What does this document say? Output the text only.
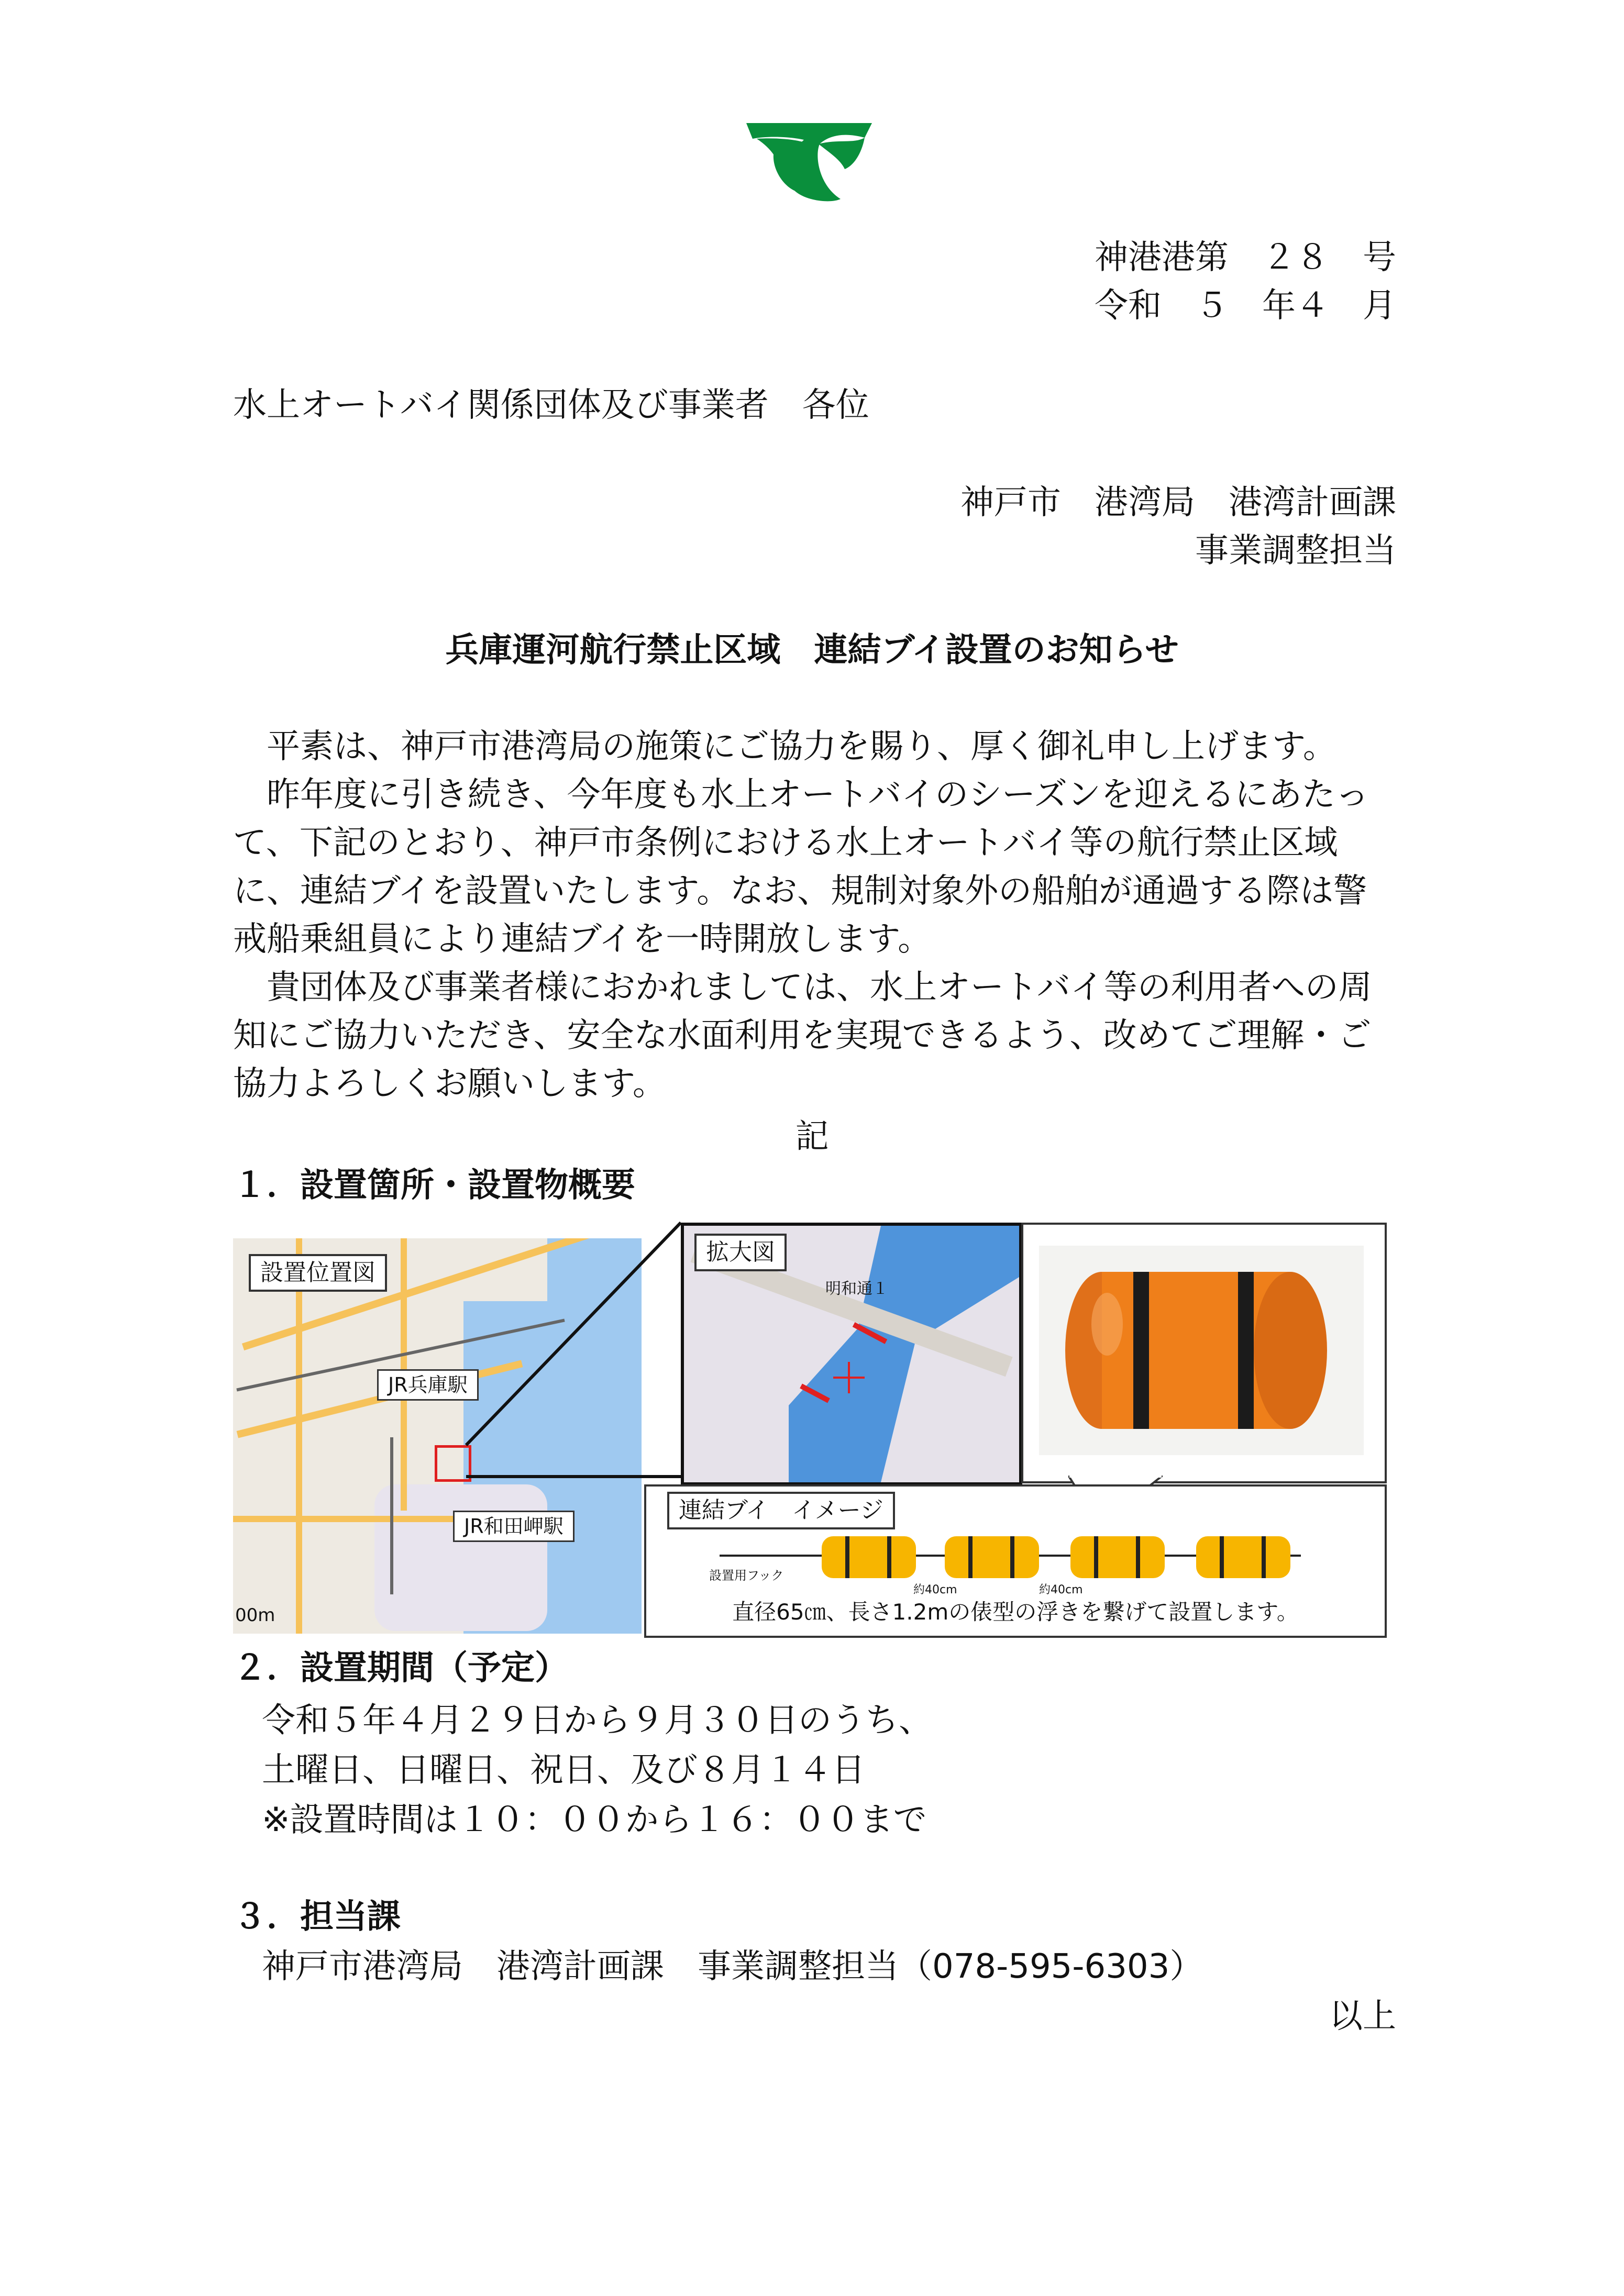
神港港第　２８　号
令和　５　年４　月
水上オートバイ関係団体及び事業者　各位
神戸市　港湾局　港湾計画課
事業調整担当
兵庫運河航行禁止区域　連結ブイ設置のお知らせ

　平素は、神戸市港湾局の施策にご協力を賜り、厚く御礼申し上げます。

　昨年度に引き続き、今年度も水上オートバイのシーズンを迎えるにあたって、下記のとおり、神戸市条例における水上オートバイ等の航行禁止区域に、連結ブイを設置いたします。なお、規制対象外の船舶が通過する際は警戒船乗組員により連結ブイを一時開放します。

　貴団体及び事業者様におかれましては、水上オートバイ等の利用者への周知にご協力いただき、安全な水面利用を実現できるよう、改めてご理解・ご協力よろしくお願いします。

記
１．設置箇所・設置物概要
設置位置図
JR兵庫駅
JR和田岬駅
00m
拡大図
明和通１
連結ブイ　イメージ
設置用フック
約40cm	約40cm
直径65㎝、長さ1.2mの俵型の浮きを繋げて設置します。
２．設置期間（予定）
令和５年４月２９日から９月３０日のうち、
土曜日、日曜日、祝日、及び８月１４日
※設置時間は１０：００から１６：００まで
３．担当課
神戸市港湾局　港湾計画課　事業調整担当（078-595-6303）
以上
